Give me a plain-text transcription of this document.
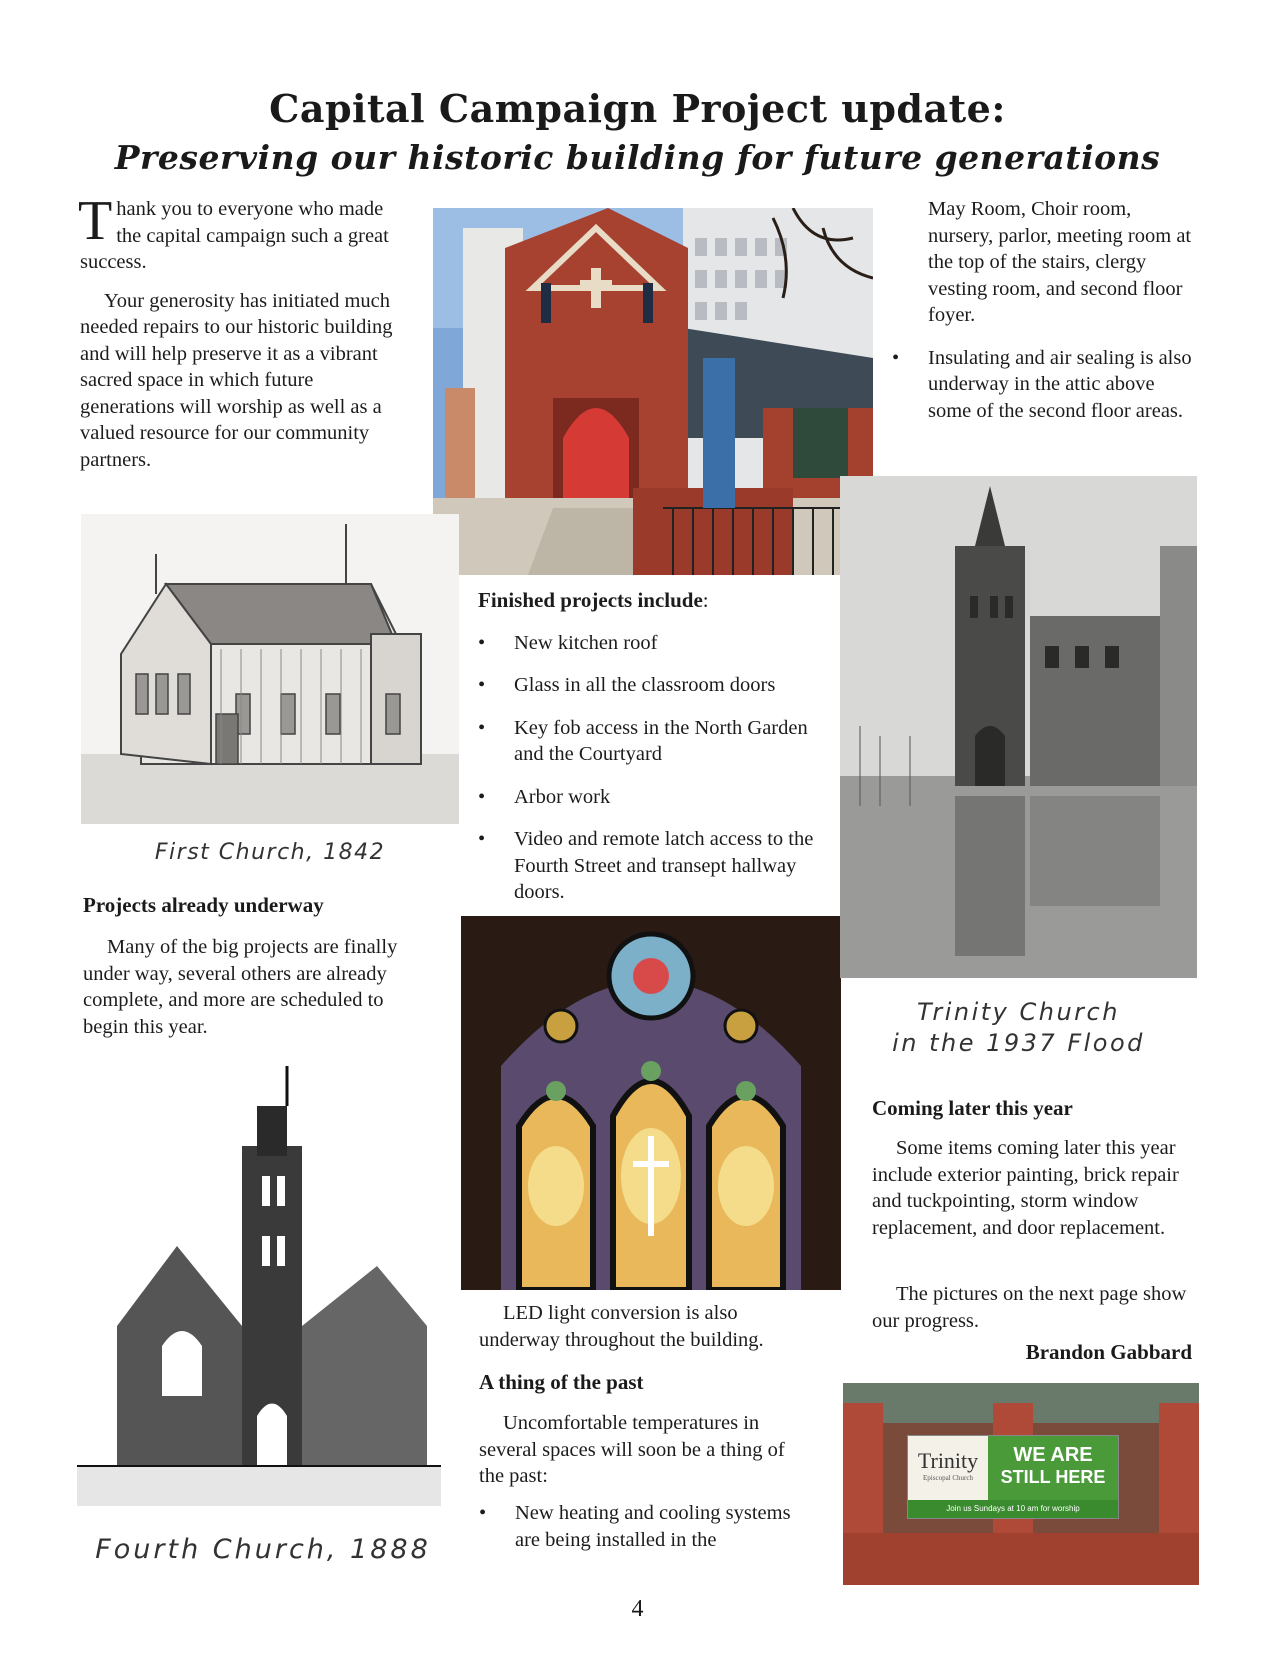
Capital Campaign Project update:
Preserving our historic building for future generations

Thank you to everyone who made the capital campaign such a great success.

Your generosity has initiated much needed repairs to our historic building and will help preserve it as a vibrant sacred space in which future generations will worship as well as a valued resource for our community partners.

May Room, Choir room, nursery, parlor, meeting room at the top of the stairs, clergy vesting room, and second floor foyer.

• Insulating and air sealing is also underway in the attic above some of the second floor areas.
First Church, 1842
Projects already underway
Many of the big projects are finally under way, several others are already complete, and more are scheduled to begin this year.
Fourth Church, 1888
Finished projects include:
• New kitchen roof
• Glass in all the classroom doors
• Key fob access in the North Garden and the Courtyard
• Arbor work
• Video and remote latch access to the Fourth Street and transept hallway doors.
LED light conversion is also underway throughout the building.
A thing of the past
Uncomfortable temperatures in several spaces will soon be a thing of the past:
• New heating and cooling systems are being installed in the
Trinity Church
in the 1937 Flood
Coming later this year
Some items coming later this year include exterior painting, brick repair and tuckpointing, storm window replacement, and door replacement.
The pictures on the next page show our progress.
Brandon Gabbard
Trinity
Episcopal Church
WE ARE
STILL HERE
Join us Sundays at 10 am for worship
4
